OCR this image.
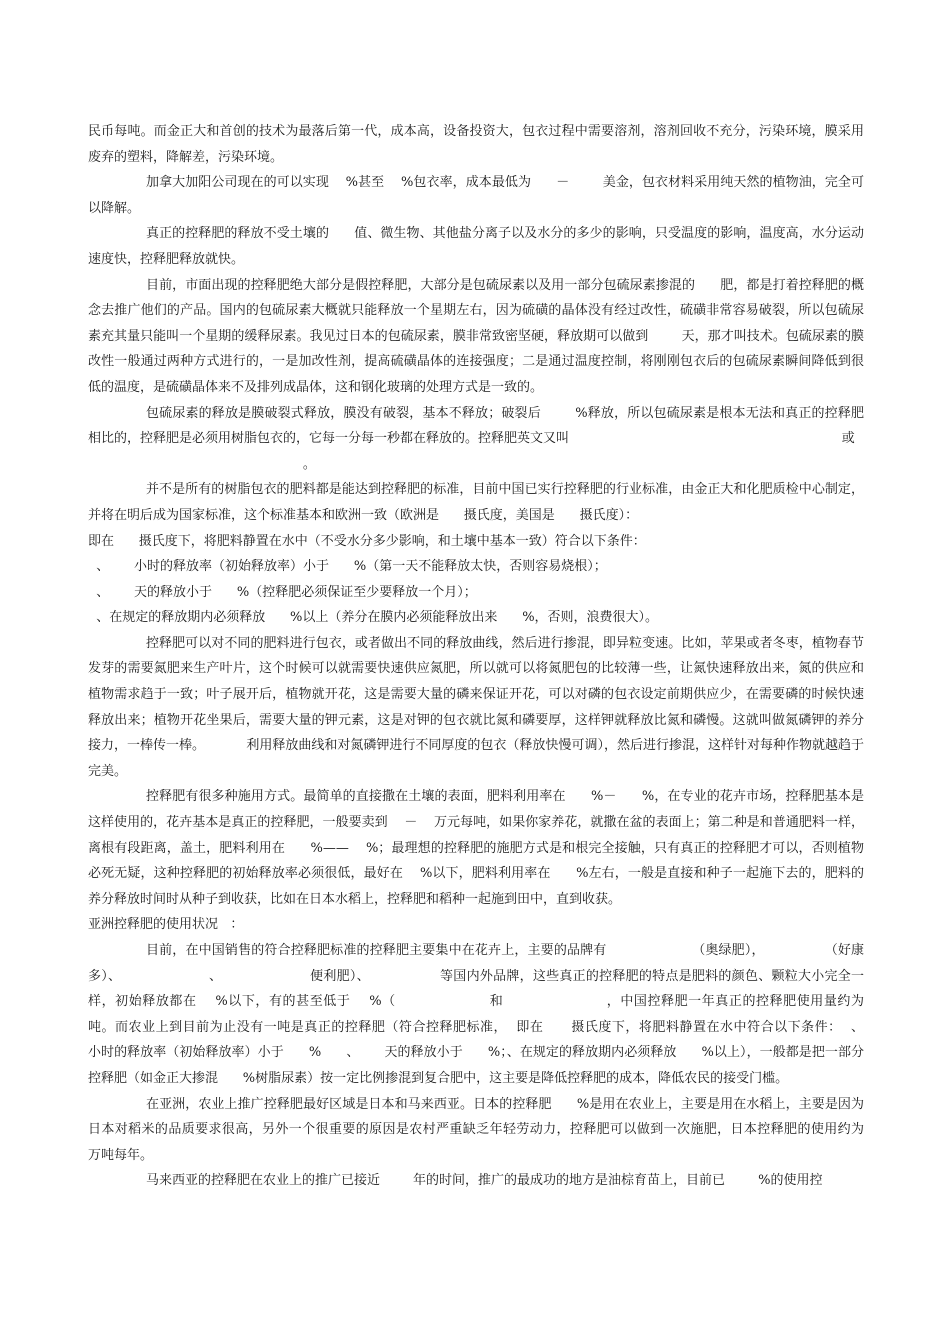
民币每吨。而金正大和首创的技术为最落后第一代，成本高，设备投资大，包衣过程中需要溶剂，溶剂回收不充分，污染环境，膜采用废弃的塑料，降解差，污染环境。

加拿大加阳公司现在的可以实现    %甚至    %包衣率，成本最低为      －        美金，包衣材料采用纯天然的植物油，完全可以降解。

真正的控释肥的释放不受土壤的      值、微生物、其他盐分离子以及水分的多少的影响，只受温度的影响，温度高，水分运动速度快，控释肥释放就快。

目前，市面出现的控释肥绝大部分是假控释肥，大部分是包硫尿素以及用一部分包硫尿素掺混的      肥，都是打着控释肥的概念去推广他们的产品。国内的包硫尿素大概就只能释放一个星期左右，因为硫磺的晶体没有经过改性，硫磺非常容易破裂，所以包硫尿素充其量只能叫一个星期的缓释尿素。我见过日本的包硫尿素，膜非常致密坚硬，释放期可以做到        天，那才叫技术。包硫尿素的膜改性一般通过两种方式进行的，一是加改性剂，提高硫磺晶体的连接强度；二是通过温度控制，将刚刚包衣后的包硫尿素瞬间降低到很低的温度，是硫磺晶体来不及排列成晶体，这和钢化玻璃的处理方式是一致的。

包硫尿素的释放是膜破裂式释放，膜没有破裂，基本不释放；破裂后        %释放，所以包硫尿素是根本无法和真正的控释肥相比的，控释肥是必须用树脂包衣的，它每一分每一秒都在释放的。控释肥英文又叫                                                                  或
。

并不是所有的树脂包衣的肥料都是能达到控释肥的标准，目前中国已实行控释肥的行业标准，由金正大和化肥质检中心制定，并将在明后成为国家标准，这个标准基本和欧洲一致（欧洲是      摄氏度，美国是      摄氏度）：

即在      摄氏度下，将肥料静置在水中（不受水分多少影响，和土壤中基本一致）符合以下条件：

、      小时的释放率（初始释放率）小于      %（第一天不能释放太快，否则容易烧根）；

、      天的释放小于      %（控释肥必须保证至少要释放一个月）；

、在规定的释放期内必须释放      %以上（养分在膜内必须能释放出来      %，否则，浪费很大）。

控释肥可以对不同的肥料进行包衣，或者做出不同的释放曲线，然后进行掺混，即异粒变速。比如，苹果或者冬枣，植物春节发芽的需要氮肥来生产叶片，这个时候可以就需要快速供应氮肥，所以就可以将氮肥包的比较薄一些，让氮快速释放出来，氮的供应和植物需求趋于一致；叶子展开后，植物就开花，这是需要大量的磷来保证开花，可以对磷的包衣设定前期供应少，在需要磷的时候快速释放出来；植物开花坐果后，需要大量的钾元素，这是对钾的包衣就比氮和磷要厚，这样钾就释放比氮和磷慢。这就叫做氮磷钾的养分接力，一棒传一棒。          利用释放曲线和对氮磷钾进行不同厚度的包衣（释放快慢可调），然后进行掺混，这样针对每种作物就越趋于完美。

控释肥有很多种施用方式。最简单的直接撒在土壤的表面，肥料利用率在      %－      %，在专业的花卉市场，控释肥基本是这样使用的，花卉基本是真正的控释肥，一般要卖到    －    万元每吨，如果你家养花，就撒在盆的表面上；第二种是和普通肥料一样，离根有段距离，盖土，肥料利用在      %——    %；最理想的控释肥的施肥方式是和根完全接触，只有真正的控释肥才可以，否则植物必死无疑，这种控释肥的初始释放率必须很低，最好在    %以下，肥料利用率在      %左右，一般是直接和种子一起施下去的，肥料的养分释放时间时从种子到收获，比如在日本水稻上，控释肥和稻种一起施到田中，直到收获。

亚洲控释肥的使用状况   ：

目前，在中国销售的符合控释肥标准的控释肥主要集中在花卉上，主要的品牌有                    （奥绿肥），              （好康多）、                    、                    便利肥）、                等国内外品牌，这些真正的控释肥的特点是肥料的颜色、颗粒大小完全一样，初始释放都在    %以下，有的甚至低于    %（                    和                      ，中国控释肥一年真正的控释肥使用量约为          吨。而农业上到目前为止没有一吨是真正的控释肥（符合控释肥标准，  即在      摄氏度下，将肥料静置在水中符合以下条件：  、      小时的释放率（初始释放率）小于      %      、      天的释放小于      %；、在规定的释放期内必须释放      %以上），一般都是把一部分控释肥（如金正大掺混      %树脂尿素）按一定比例掺混到复合肥中，这主要是降低控释肥的成本，降低农民的接受门槛。

在亚洲，农业上推广控释肥最好区域是日本和马来西亚。日本的控释肥      %是用在农业上，主要是用在水稻上，主要是因为日本对稻米的品质要求很高，另外一个很重要的原因是农村严重缺乏年轻劳动力，控释肥可以做到一次施肥，日本控释肥的使用约为        万吨每年。

马来西亚的控释肥在农业上的推广已接近        年的时间，推广的最成功的地方是油棕育苗上，目前已        %的使用控
